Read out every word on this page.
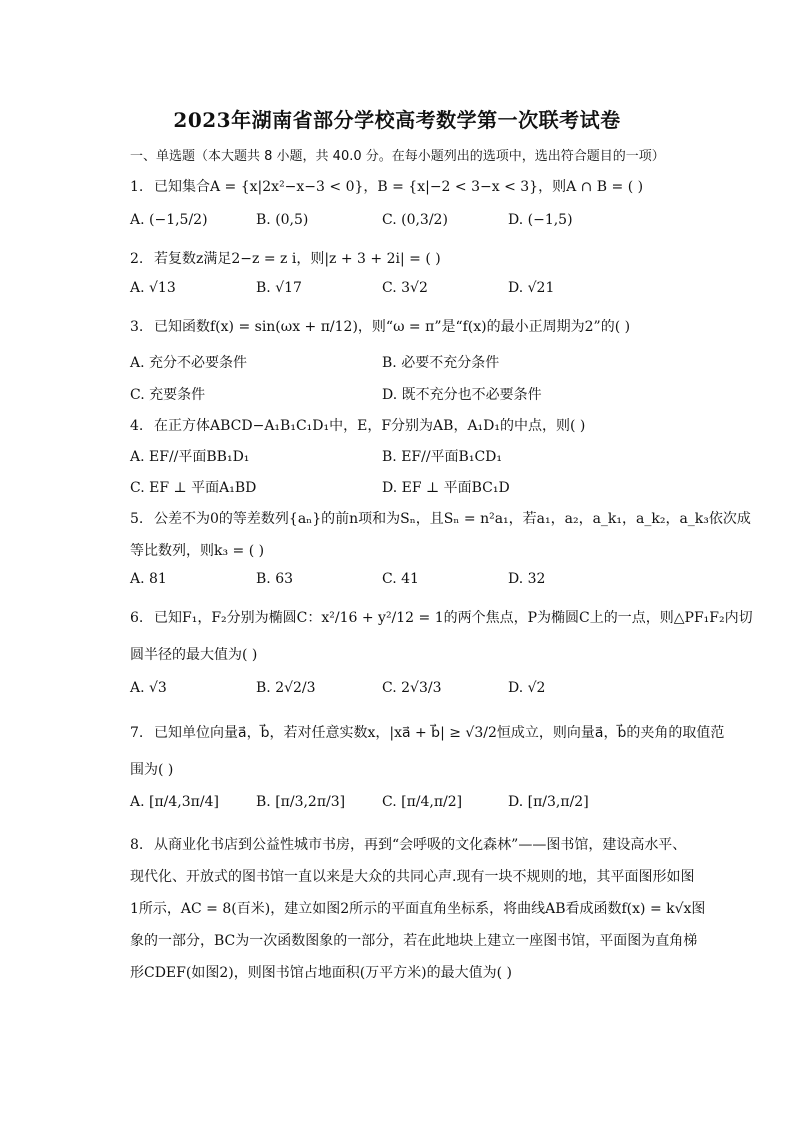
2023年湖南省部分学校高考数学第一次联考试卷
一、单选题（本大题共 8 小题，共 40.0 分。在每小题列出的选项中，选出符合题目的一项）
1. 已知集合A = {x|2x²−x−3 < 0}，B = {x|−2 < 3−x < 3}，则A ∩ B = ( )
A. (−1,5/2)	B. (0,5)	C. (0,3/2)	D. (−1,5)
2. 若复数z满足2−z = z i，则|z + 3 + 2i| = ( )
A. √13	B. √17	C. 3√2	D. √21
3. 已知函数f(x) = sin(ωx + π/12)，则“ω = π”是“f(x)的最小正周期为2”的( )
A. 充分不必要条件	B. 必要不充分条件
C. 充要条件	D. 既不充分也不必要条件
4. 在正方体ABCD−A₁B₁C₁D₁中，E，F分别为AB，A₁D₁的中点，则( )
A. EF//平面BB₁D₁	B. EF//平面B₁CD₁
C. EF ⊥ 平面A₁BD	D. EF ⊥ 平面BC₁D
5. 公差不为0的等差数列{aₙ}的前n项和为Sₙ，且Sₙ = n²a₁，若a₁，a₂，a_k₁，a_k₂，a_k₃依次成
等比数列，则k₃ = ( )
A. 81	B. 63	C. 41	D. 32
6. 已知F₁，F₂分别为椭圆C：x²/16 + y²/12 = 1的两个焦点，P为椭圆C上的一点，则△PF₁F₂内切
圆半径的最大值为( )
A. √3	B. 2√2/3	C. 2√3/3	D. √2
7. 已知单位向量a⃗，b⃗，若对任意实数x，|xa⃗ + b⃗| ≥ √3/2恒成立，则向量a⃗，b⃗的夹角的取值范
围为( )
A. [π/4,3π/4]	B. [π/3,2π/3]	C. [π/4,π/2]	D. [π/3,π/2]
8. 从商业化书店到公益性城市书房，再到“会呼吸的文化森林”——图书馆，建设高水平、
现代化、开放式的图书馆一直以来是大众的共同心声.现有一块不规则的地，其平面图形如图
1所示，AC = 8(百米)，建立如图2所示的平面直角坐标系，将曲线AB看成函数f(x) = k√x图
象的一部分，BC为一次函数图象的一部分，若在此地块上建立一座图书馆，平面图为直角梯
形CDEF(如图2)，则图书馆占地面积(万平方米)的最大值为( )
